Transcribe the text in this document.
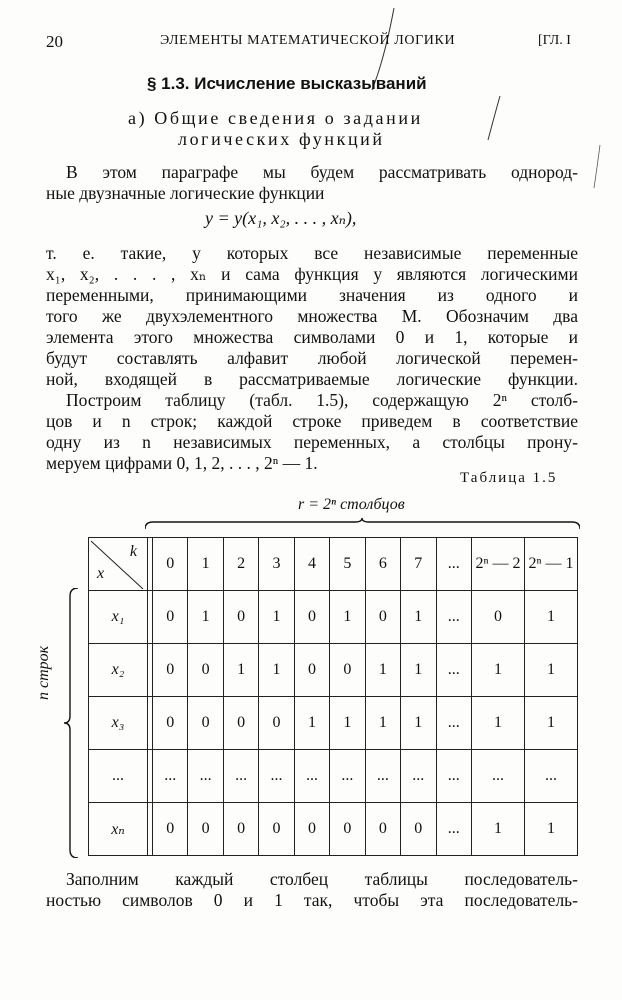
20	ЭЛЕМЕНТЫ МАТЕМАТИЧЕСКОЙ ЛОГИКИ	[ГЛ. I
§ 1.3. Исчисление высказываний
а) Общие сведения о задании
логических функций
В этом параграфе мы будем рассматривать однород-
ные двузначные логические функции
y = y(x₁, x₂, . . . , xₙ),
т. е. такие, у которых все независимые переменные
x₁, x₂, . . . , xₙ и сама функция y являются логическими
переменными, принимающими значения из одного и
того же двухэлементного множества M. Обозначим два
элемента этого множества символами 0 и 1, которые и
будут составлять алфавит любой логической перемен-
ной, входящей в рассматриваемые логические функции.
Построим таблицу (табл. 1.5), содержащую 2ⁿ столб-
цов и n строк; каждой строке приведем в соответствие
одну из n независимых переменных, а столбцы прону-
меруем цифрами 0, 1, 2, . . . , 2ⁿ — 1.
Таблица 1.5
r = 2ⁿ столбцов
n строк
k
x		0	1	2	3	4	5	6	7	...	2ⁿ — 2	2ⁿ — 1
x₁		0	1	0	1	0	1	0	1	...	0	1
x₂		0	0	1	1	0	0	1	1	...	1	1
x₃		0	0	0	0	1	1	1	1	...	1	1
...		...	...	...	...	...	...	...	...	...	...	...
xₙ		0	0	0	0	0	0	0	0	...	1	1
Заполним каждый столбец таблицы последователь-
ностью символов 0 и 1 так, чтобы эта последователь-
